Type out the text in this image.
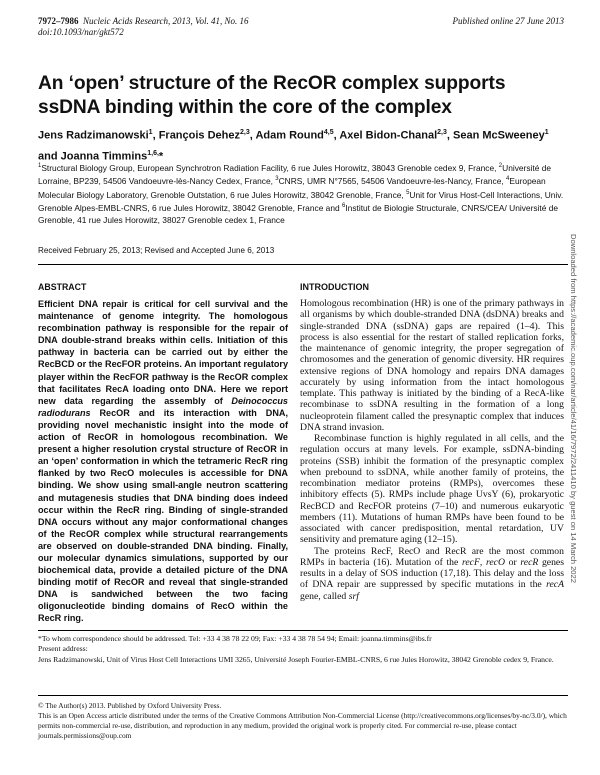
7972–7986 Nucleic Acids Research, 2013, Vol. 41, No. 16
doi:10.1093/nar/gkt572
Published online 27 June 2013
An ‘open’ structure of the RecOR complex supports ssDNA binding within the core of the complex
Jens Radzimanowski$^1$, François Dehez$^{2,3}$, Adam Round$^{4,5}$, Axel Bidon-Chanal$^{2,3}$, Sean McSweeney$^1$ and Joanna Timmins$^{1,6,}$*
$^1$Structural Biology Group, European Synchrotron Radiation Facility, 6 rue Jules Horowitz, 38043 Grenoble cedex 9, France, $^2$Université de Lorraine, BP239, 54506 Vandoeuvre-lès-Nancy Cedex, France, $^3$CNRS, UMR N°7565, 54506 Vandoeuvre-les-Nancy, France, $^4$European Molecular Biology Laboratory, Grenoble Outstation, 6 rue Jules Horowitz, 38042 Grenoble, France, $^5$Unit for Virus Host-Cell Interactions, Univ. Grenoble Alpes-EMBL-CNRS, 6 rue Jules Horowitz, 38042 Grenoble, France and $^6$Institut de Biologie Structurale, CNRS/CEA/ Université de Grenoble, 41 rue Jules Horowitz, 38027 Grenoble cedex 1, France
Received February 25, 2013; Revised and Accepted June 6, 2013	Downloaded from https://academic.oup.com/nar/article/41/16/7972/2411410 by guest on 14 March 2022
ABSTRACT
Efficient DNA repair is critical for cell survival and the maintenance of genome integrity. The homologous recombination pathway is responsible for the repair of DNA double-strand breaks within cells. Initiation of this pathway in bacteria can be carried out by either the RecBCD or the RecFOR proteins. An important regulatory player within the RecFOR pathway is the RecOR complex that facilitates RecA loading onto DNA. Here we report new data regarding the assembly of Deinococcus radiodurans RecOR and its interaction with DNA, providing novel mechanistic insight into the mode of action of RecOR in homologous recombination. We present a higher resolution crystal structure of RecOR in an ‘open’ conformation in which the tetrameric RecR ring flanked by two RecO molecules is accessible for DNA binding. We show using small-angle neutron scattering and mutagenesis studies that DNA binding does indeed occur within the RecR ring. Binding of single-stranded DNA occurs without any major conformational changes of the RecOR complex while structural rearrangements are observed on double-stranded DNA binding. Finally, our molecular dynamics simulations, supported by our biochemical data, provide a detailed picture of the DNA binding motif of RecOR and reveal that single-stranded DNA is sandwiched between the two facing oligonucleotide binding domains of RecO within the RecR ring.
INTRODUCTION

Homologous recombination (HR) is one of the primary pathways in all organisms by which double-stranded DNA (dsDNA) breaks and single-stranded DNA (ssDNA) gaps are repaired (1–4). This process is also essential for the restart of stalled replication forks, the maintenance of genomic integrity, the proper segregation of chromosomes and the generation of genomic diversity. HR requires extensive regions of DNA homology and repairs DNA damages accurately by using information from the intact homologous template. This pathway is initiated by the binding of a RecA-like recombinase to ssDNA resulting in the formation of a long nucleoprotein filament called the presynaptic complex that induces DNA strand invasion.

Recombinase function is highly regulated in all cells, and the regulation occurs at many levels. For example, ssDNA-binding proteins (SSB) inhibit the formation of the presynaptic complex when prebound to ssDNA, while another family of proteins, the recombination mediator proteins (RMPs), overcomes these inhibitory effects (5). RMPs include phage UvsY (6), prokaryotic RecBCD and RecFOR proteins (7–10) and numerous eukaryotic members (11). Mutations of human RMPs have been found to be associated with cancer predisposition, mental retardation, UV sensitivity and premature aging (12–15).

The proteins RecF, RecO and RecR are the most common RMPs in bacteria (16). Mutation of the recF, recO or recR genes results in a delay of SOS induction (17,18). This delay and the loss of DNA repair are suppressed by specific mutations in the recA gene, called srf

*To whom correspondence should be addressed. Tel: +33 4 38 78 22 09; Fax: +33 4 38 78 54 94; Email: joanna.timmins@ibs.fr
Present address:
Jens Radzimanowski, Unit of Virus Host Cell Interactions UMI 3265, Université Joseph Fourier-EMBL-CNRS, 6 rue Jules Horowitz, 38042 Grenoble cedex 9, France.
© The Author(s) 2013. Published by Oxford University Press.
This is an Open Access article distributed under the terms of the Creative Commons Attribution Non-Commercial License (http://creativecommons.org/licenses/by-nc/3.0/), which permits non-commercial re-use, distribution, and reproduction in any medium, provided the original work is properly cited. For commercial re-use, please contact journals.permissions@oup.com
